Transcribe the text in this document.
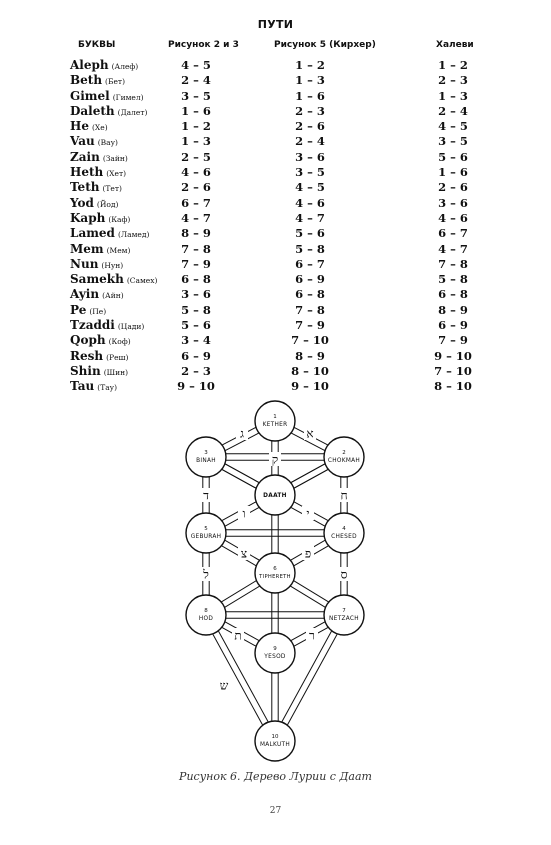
ПУТИ
БУКВЫ	Рисунок 2 и 3	Рисунок 5 (Кирхер)	Халеви
Aleph (Алеф)	4 – 5	1 – 2	1 – 2
Beth (Бет)	2 – 4	1 – 3	2 – 3
Gimel (Гимел)	3 – 5	1 – 6	1 – 3
Daleth (Далет)	1 – 6	2 – 3	2 – 4
He (Хе)	1 – 2	2 – 6	4 – 5
Vau (Вау)	1 – 3	2 – 4	3 – 5
Zain (Зайн)	2 – 5	3 – 6	5 – 6
Heth (Хет)	4 – 6	3 – 5	1 – 6
Teth (Тет)	2 – 6	4 – 5	2 – 6
Yod (Йод)	6 – 7	4 – 6	3 – 6
Kaph (Каф)	4 – 7	4 – 7	4 – 6
Lamed (Ламед)	8 – 9	5 – 6	6 – 7
Mem (Мем)	7 – 8	5 – 8	4 – 7
Nun (Нун)	7 – 9	6 – 7	7 – 8
Samekh (Самех)	6 – 8	6 – 9	5 – 8
Ayin (Айн)	3 – 6	6 – 8	6 – 8
Pe (Пе)	5 – 8	7 – 8	8 – 9
Tzaddi (Цади)	5 – 6	7 – 9	6 – 9
Qoph (Коф)	3 – 4	7 – 10	7 – 9
Resh (Реш)	6 – 9	8 – 9	9 – 10
Shin (Шин)	2 – 3	8 – 10	7 – 10
Tau (Тау)	9 – 10	9 – 10	8 – 10
ג	א
ד
ק
ח
ו	י
ל	ס
צ	פ
ת	ר
ש
1
KETHER
3
BINAH
2
CHOKMAH
DAATH
5
GEBURAH
4
CHESED
6
TIPHERETH
8
HOD
7
NETZACH
9
YESOD
10
MALKUTH
Рисунок 6. Дерево Лурии с Даат
27
